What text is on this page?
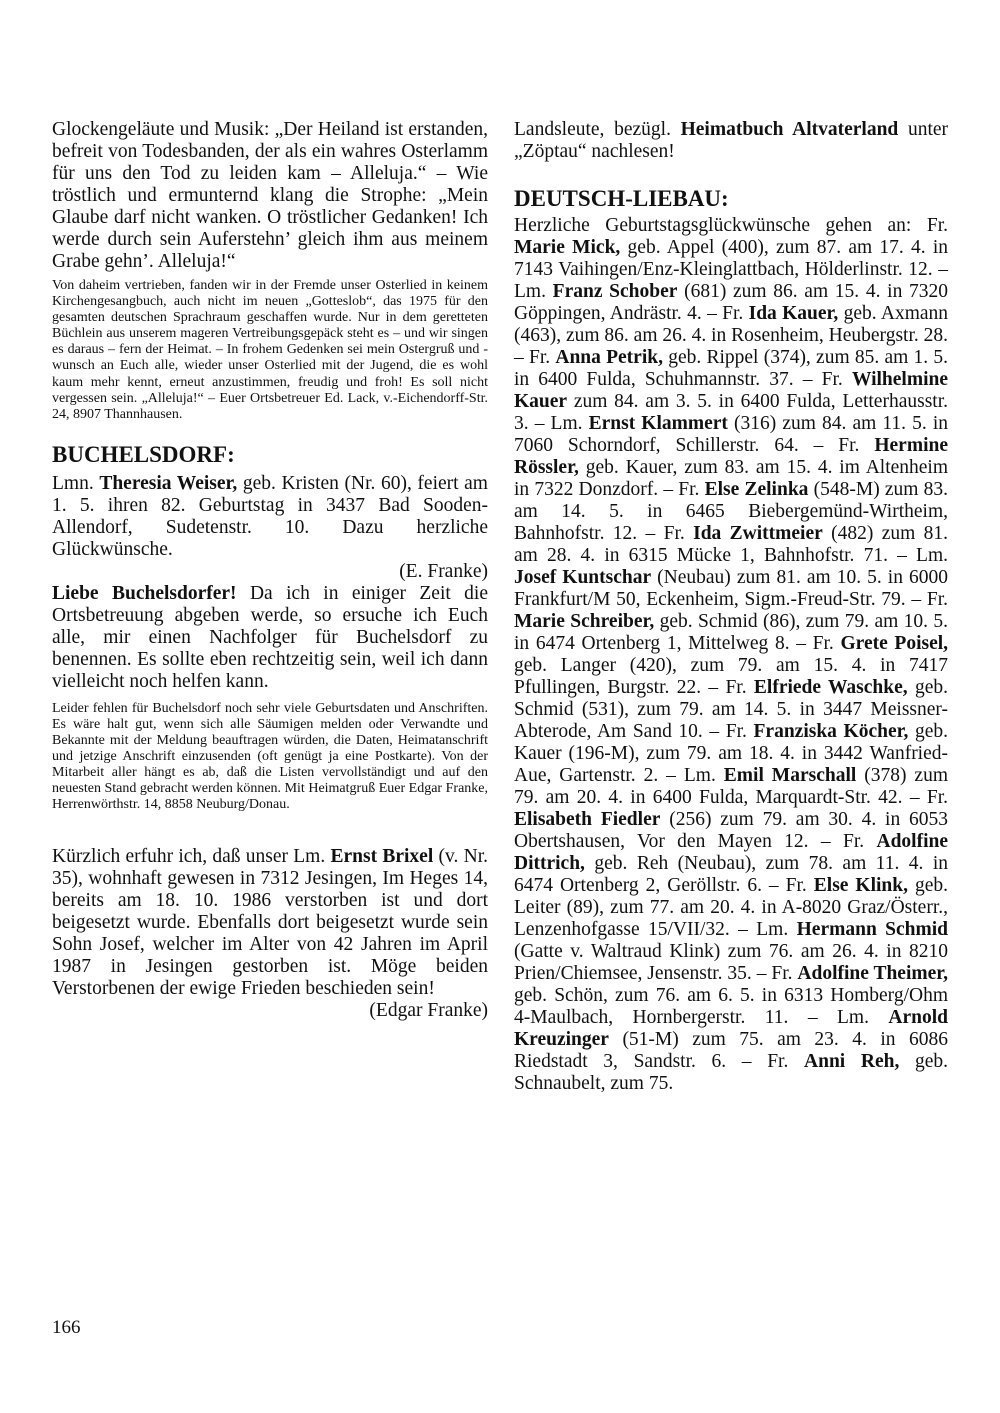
Glockengeläute und Musik: „Der Heiland ist erstanden, befreit von Todesbanden, der als ein wahres Osterlamm für uns den Tod zu leiden kam – Alleluja.“ – Wie tröstlich und ermunternd klang die Strophe: „Mein Glaube darf nicht wanken. O tröstlicher Gedanken! Ich werde durch sein Auferstehn’ gleich ihm aus meinem Grabe gehn’. Alleluja!“

Von daheim vertrieben, fanden wir in der Fremde unser Osterlied in keinem Kirchengesangbuch, auch nicht im neuen „Gotteslob“, das 1975 für den gesamten deutschen Sprachraum geschaffen wurde. Nur in dem geretteten Büchlein aus unserem mageren Vertreibungsgepäck steht es – und wir singen es daraus – fern der Heimat. – In frohem Gedenken sei mein Ostergruß und -wunsch an Euch alle, wieder unser Osterlied mit der Jugend, die es wohl kaum mehr kennt, erneut anzustimmen, freudig und froh! Es soll nicht vergessen sein. „Alleluja!“ – Euer Ortsbetreuer Ed. Lack, v.-Eichendorff-Str. 24, 8907 Thannhausen.

BUCHELSDORF:

Lmn. Theresia Weiser, geb. Kristen (Nr. 60), feiert am 1. 5. ihren 82. Geburtstag in 3437 Bad Sooden-Allendorf, Sudetenstr. 10. Dazu herzliche Glückwünsche.

(E. Franke)

Liebe Buchelsdorfer! Da ich in einiger Zeit die Ortsbetreuung abgeben werde, so ersuche ich Euch alle, mir einen Nachfolger für Buchelsdorf zu benennen. Es sollte eben rechtzeitig sein, weil ich dann vielleicht noch helfen kann.

Leider fehlen für Buchelsdorf noch sehr viele Geburtsdaten und Anschriften. Es wäre halt gut, wenn sich alle Säumigen melden oder Verwandte und Bekannte mit der Meldung beauftragen würden, die Daten, Heimatanschrift und jetzige Anschrift einzusenden (oft genügt ja eine Postkarte). Von der Mitarbeit aller hängt es ab, daß die Listen vervollständigt und auf den neuesten Stand gebracht werden können. Mit Heimatgruß Euer Edgar Franke, Herrenwörthstr. 14, 8858 Neuburg/Donau.

Kürzlich erfuhr ich, daß unser Lm. Ernst Brixel (v. Nr. 35), wohnhaft gewesen in 7312 Jesingen, Im Heges 14, bereits am 18. 10. 1986 verstorben ist und dort beigesetzt wurde. Ebenfalls dort beigesetzt wurde sein Sohn Josef, welcher im Alter von 42 Jahren im April 1987 in Jesingen gestorben ist. Möge beiden Verstorbenen der ewige Frieden beschieden sein!

(Edgar Franke)

Landsleute, bezügl. Heimatbuch Altvaterland unter „Zöptau“ nachlesen!

DEUTSCH-LIEBAU:

Herzliche Geburtstagsglückwünsche gehen an: Fr. Marie Mick, geb. Appel (400), zum 87. am 17. 4. in 7143 Vaihingen/Enz-Kleinglattbach, Hölderlinstr. 12. – Lm. Franz Schober (681) zum 86. am 15. 4. in 7320 Göppingen, Andrästr. 4. – Fr. Ida Kauer, geb. Axmann (463), zum 86. am 26. 4. in Rosenheim, Heubergstr. 28. – Fr. Anna Petrik, geb. Rippel (374), zum 85. am 1. 5. in 6400 Fulda, Schuhmannstr. 37. – Fr. Wilhelmine Kauer zum 84. am 3. 5. in 6400 Fulda, Letterhausstr. 3. – Lm. Ernst Klammert (316) zum 84. am 11. 5. in 7060 Schorndorf, Schillerstr. 64. – Fr. Hermine Rössler, geb. Kauer, zum 83. am 15. 4. im Altenheim in 7322 Donzdorf. – Fr. Else Zelinka (548-M) zum 83. am 14. 5. in 6465 Biebergemünd-Wirtheim, Bahnhofstr. 12. – Fr. Ida Zwittmeier (482) zum 81. am 28. 4. in 6315 Mücke 1, Bahnhofstr. 71. – Lm. Josef Kuntschar (Neubau) zum 81. am 10. 5. in 6000 Frankfurt/M 50, Eckenheim, Sigm.-Freud-Str. 79. – Fr. Marie Schreiber, geb. Schmid (86), zum 79. am 10. 5. in 6474 Ortenberg 1, Mittelweg 8. – Fr. Grete Poisel, geb. Langer (420), zum 79. am 15. 4. in 7417 Pfullingen, Burgstr. 22. – Fr. Elfriede Waschke, geb. Schmid (531), zum 79. am 14. 5. in 3447 Meissner-Abterode, Am Sand 10. – Fr. Franziska Köcher, geb. Kauer (196-M), zum 79. am 18. 4. in 3442 Wanfried-Aue, Gartenstr. 2. – Lm. Emil Marschall (378) zum 79. am 20. 4. in 6400 Fulda, Marquardt-Str. 42. – Fr. Elisabeth Fiedler (256) zum 79. am 30. 4. in 6053 Obertshausen, Vor den Mayen 12. – Fr. Adolfine Dittrich, geb. Reh (Neubau), zum 78. am 11. 4. in 6474 Ortenberg 2, Geröllstr. 6. – Fr. Else Klink, geb. Leiter (89), zum 77. am 20. 4. in A-8020 Graz/Österr., Lenzenhofgasse 15/VII/32. – Lm. Hermann Schmid (Gatte v. Waltraud Klink) zum 76. am 26. 4. in 8210 Prien/Chiemsee, Jensenstr. 35. – Fr. Adolfine Theimer, geb. Schön, zum 76. am 6. 5. in 6313 Homberg/Ohm 4-Maulbach, Hornbergerstr. 11. – Lm. Arnold Kreuzinger (51-M) zum 75. am 23. 4. in 6086 Riedstadt 3, Sandstr. 6. – Fr. Anni Reh, geb. Schnaubelt, zum 75.

166
